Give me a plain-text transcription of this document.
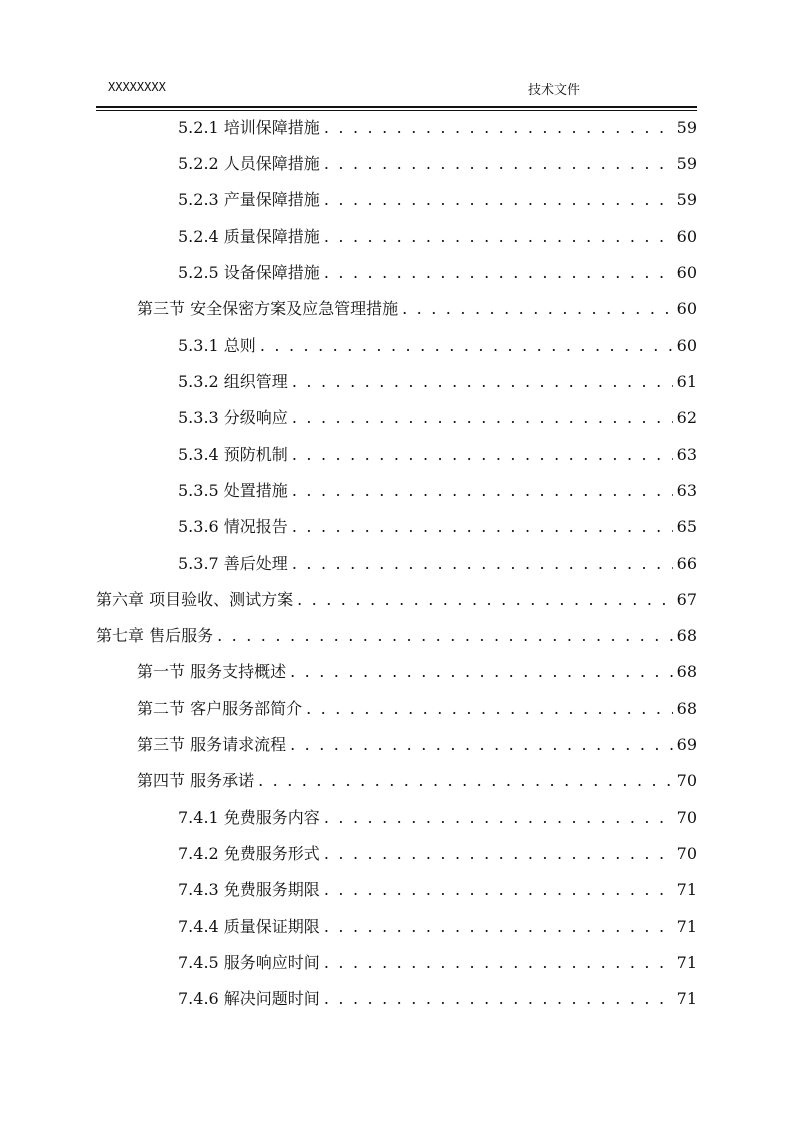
XXXXXXXX	技术文件
5.2.1 培训保障措施 . . .	59
5.2.2 人员保障措施 . . .	59
5.2.3 产量保障措施 . . .	59
5.2.4 质量保障措施 . . .	60
5.2.5 设备保障措施 . . .	60
第三节 安全保密方案及应急管理措施 . . .	60
5.3.1 总则 . . .	60
5.3.2 组织管理 . . .	61
5.3.3 分级响应 . . .	62
5.3.4 预防机制 . . .	63
5.3.5 处置措施 . . .	63
5.3.6 情况报告 . . .	65
5.3.7 善后处理 . . .	66
第六章 项目验收、测试方案 . . .	67
第七章 售后服务 . . .	68
第一节 服务支持概述 . . .	68
第二节 客户服务部简介 . . .	68
第三节 服务请求流程 . . .	69
第四节 服务承诺 . . .	70
7.4.1 免费服务内容 . . .	70
7.4.2 免费服务形式 . . .	70
7.4.3 免费服务期限 . . .	71
7.4.4 质量保证期限 . . .	71
7.4.5 服务响应时间 . . .	71
7.4.6 解决问题时间 . . .	71
